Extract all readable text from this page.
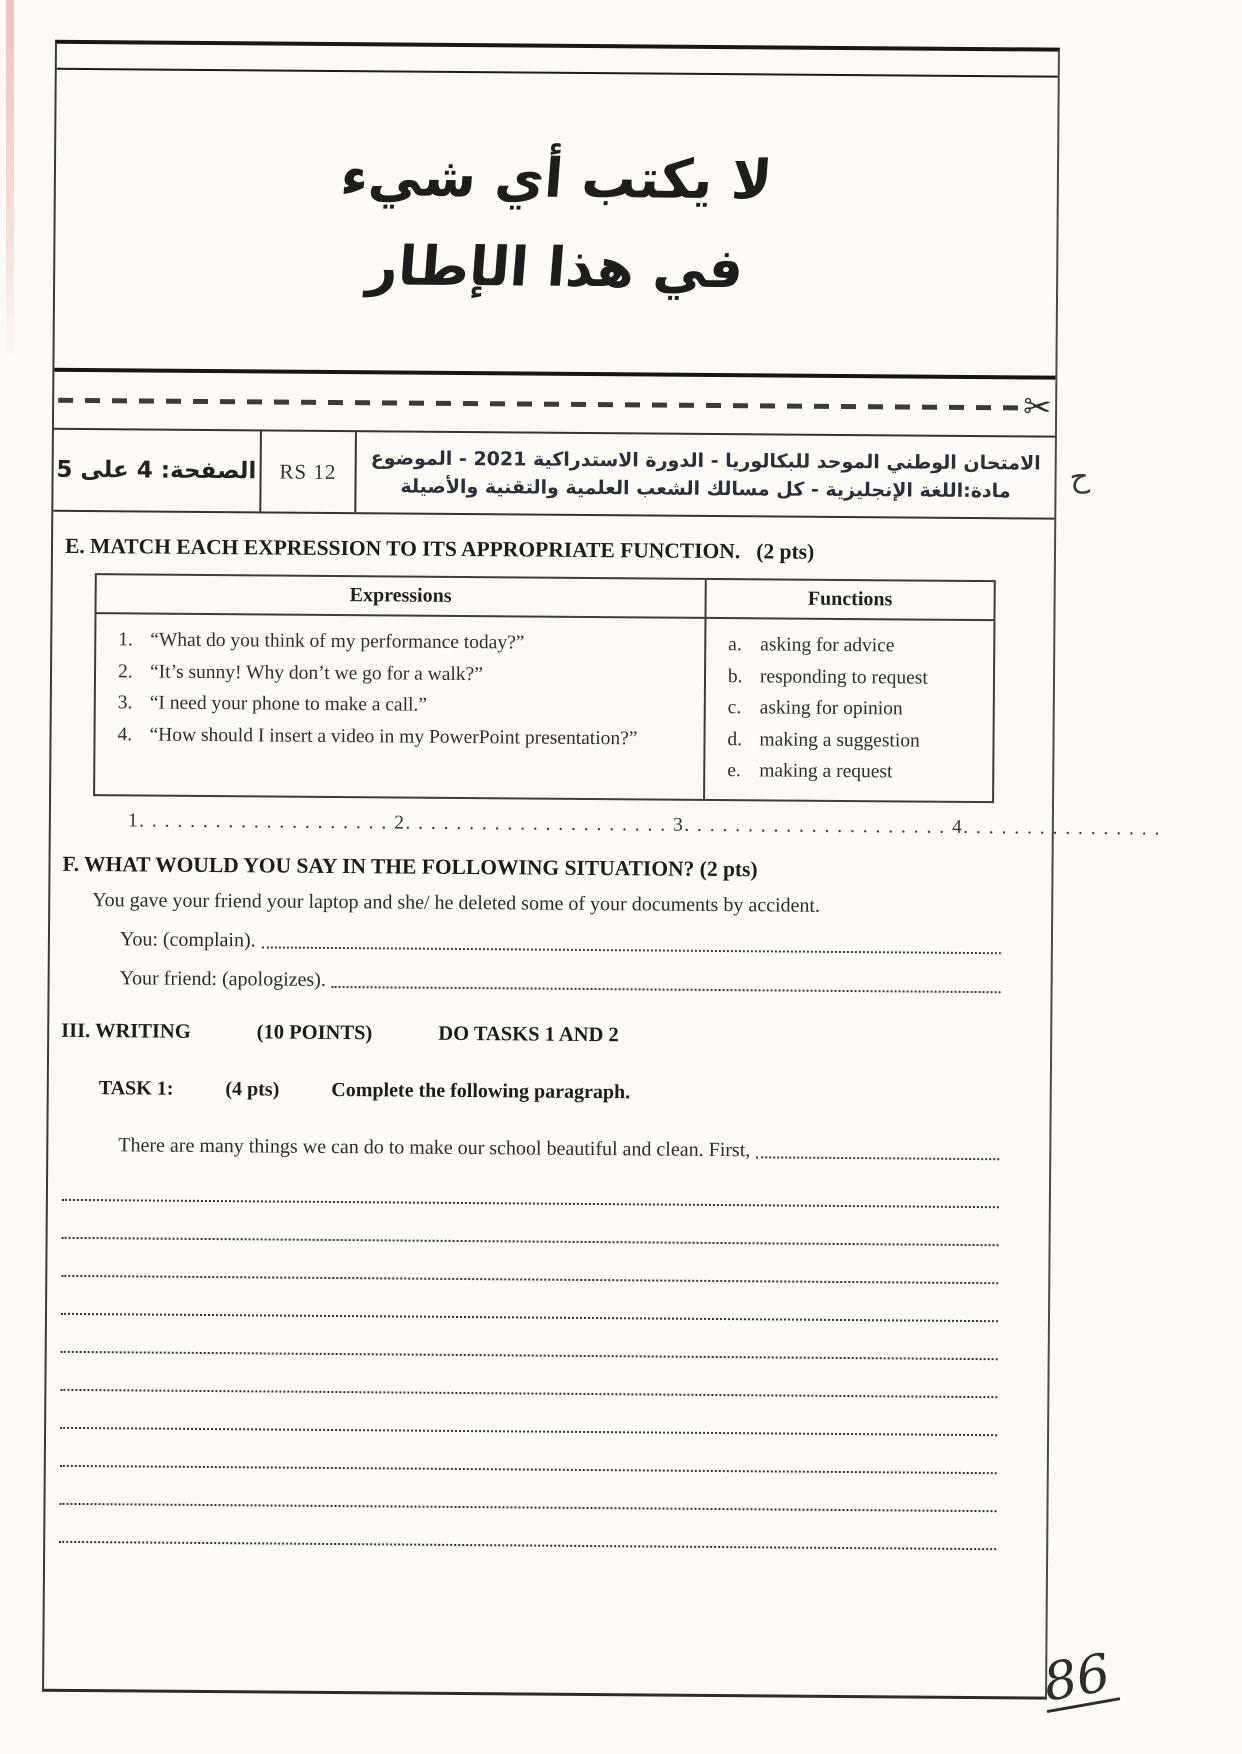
لا يكتب أي شيء
في هذا الإطار
✂
الصفحة: 4 على 5 RS 12
الامتحان الوطني الموحد للبكالوريا - الدورة الاستدراكية 2021 - الموضوع
مادة:اللغة الإنجليزية - كل مسالك الشعب العلمية والتقنية والأصيلة ح
E. MATCH EACH EXPRESSION TO ITS APPROPRIATE FUNCTION. (2 pts)
Expressions	Functions
1. “What do you think of my performance today?”
2. “It’s sunny! Why don’t we go for a walk?”
3. “I need your phone to make a call.”
4. “How should I insert a video in my PowerPoint presentation?”
a. asking for advice
b. responding to request
c. asking for opinion
d. making a suggestion
e. making a request
1. . . . . . . . . . . . . . . . . . . . 2. . . . . . . . . . . . . . . . . . . . . 3. . . . . . . . . . . . . . . . . . . . . 4. . . . . . . . . . . . . . . .
F. WHAT WOULD YOU SAY IN THE FOLLOWING SITUATION? (2 pts)
You gave your friend your laptop and she/ he deleted some of your documents by accident.
You: (complain).
Your friend: (apologizes).
III. WRITING	(10 POINTS)	DO TASKS 1 AND 2
TASK 1:	(4 pts)	Complete the following paragraph.
There are many things we can do to make our school beautiful and clean. First,
86
